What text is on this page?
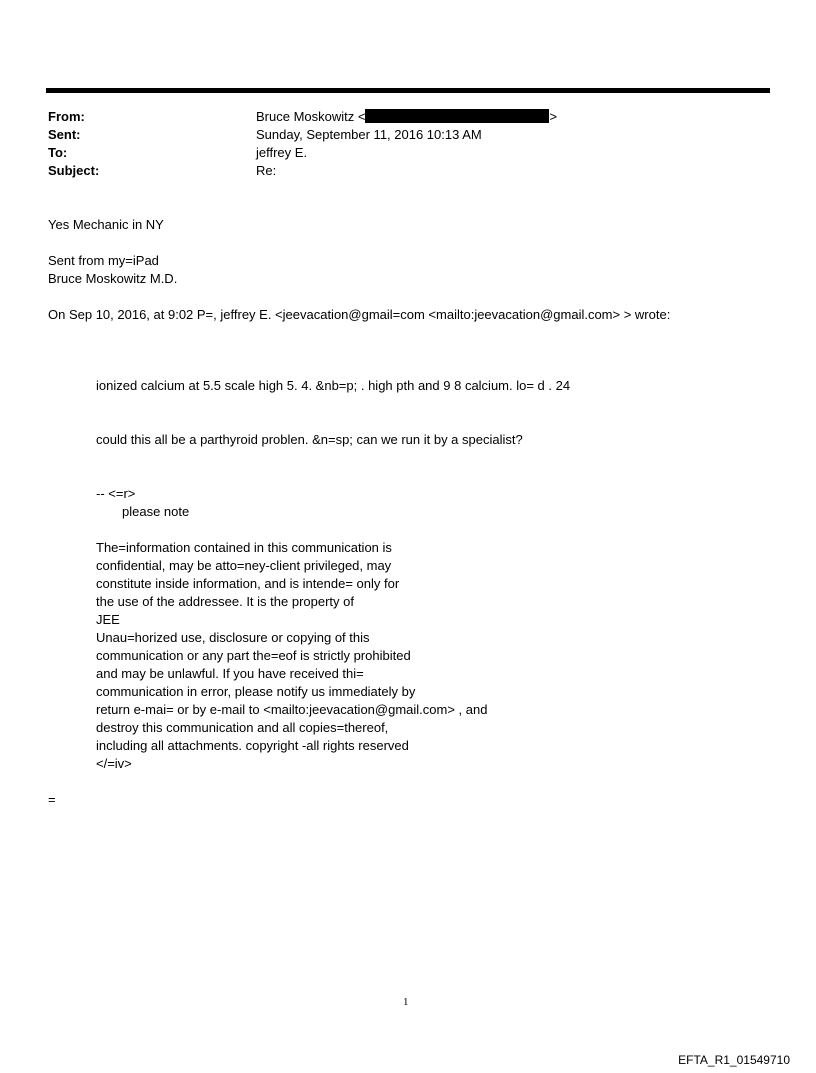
From:	Bruce Moskowitz <	>
Sent:	Sunday, September 11, 2016 10:13 AM
To:	jeffrey E.
Subject:	Re:
Yes Mechanic in NY
Sent from my=iPad
Bruce Moskowitz M.D.
On Sep 10, 2016, at 9:02 P=, jeffrey E. <jeevacation@gmail=com <mailto:jeevacation@gmail.com> > wrote:
ionized calcium at 5.5 scale high 5. 4. &nb=p; . high pth and 9 8 calcium. lo= d . 24
could this all be a parthyroid problen. &n=sp; can we run it by a specialist?
-- <=r>
please note
The=information contained in this communication is
confidential, may be atto=ney-client privileged, may
constitute inside information, and is intende= only for
the use of the addressee. It is the property of
JEE
Unau=horized use, disclosure or copying of this
communication or any part the=eof is strictly prohibited
and may be unlawful. If you have received thi=
communication in error, please notify us immediately by
return e-mai= or by e-mail to <mailto:jeevacation@gmail.com> , and
destroy this communication and all copies=thereof,
including all attachments. copyright -all rights reserved
</=iv>
=
1
EFTA_R1_01549710
